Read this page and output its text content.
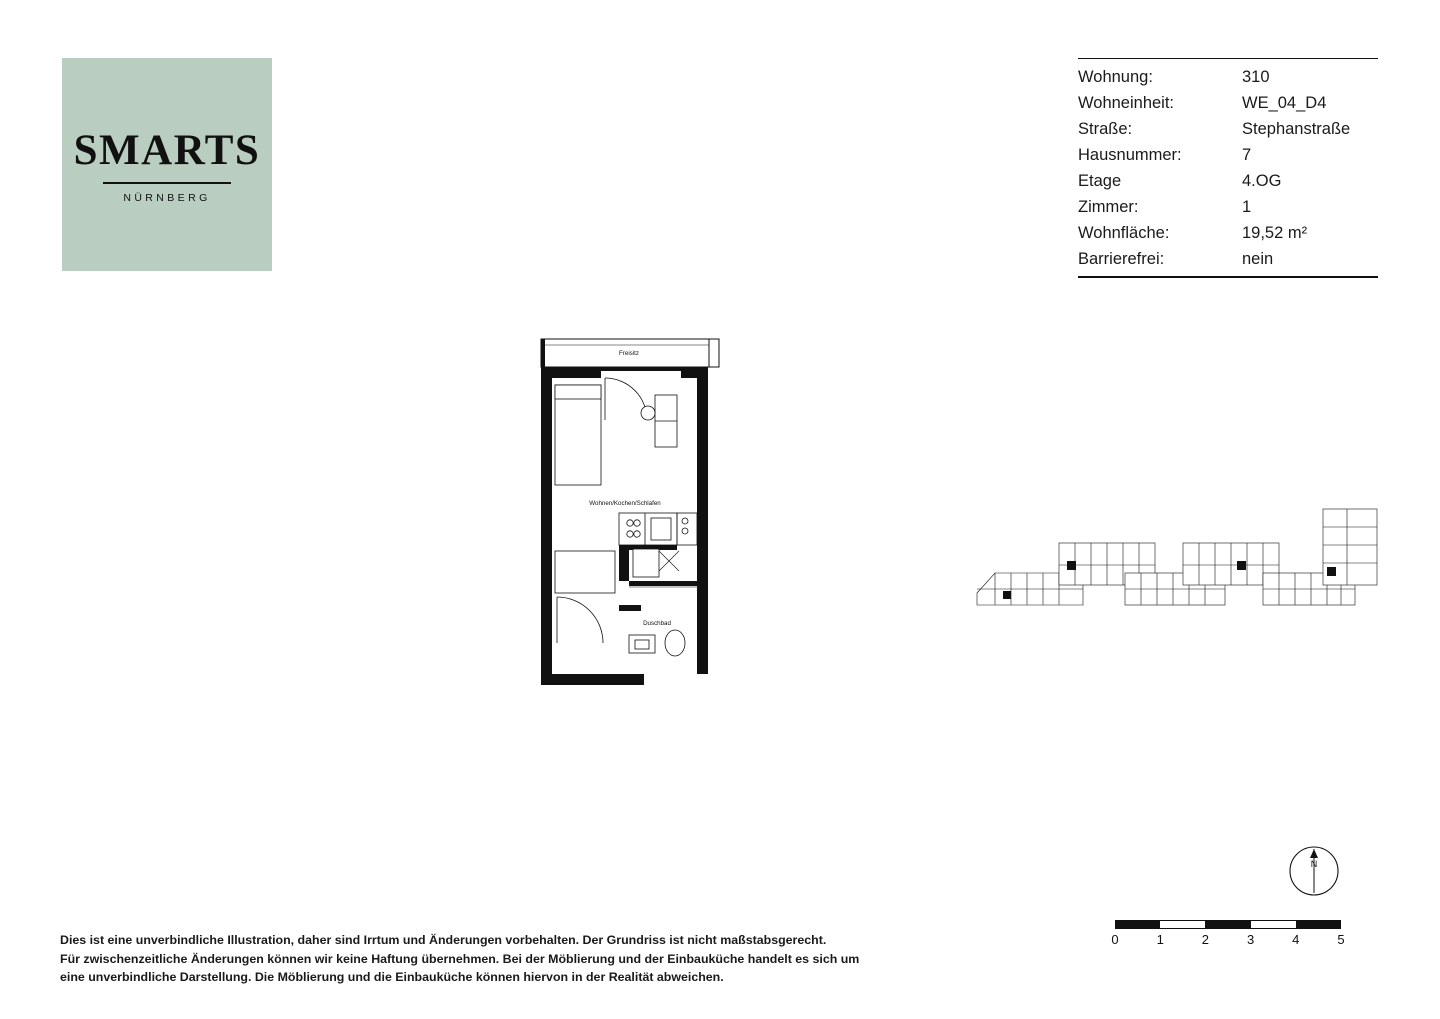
SMARTS
NÜRNBERG
Wohnung:	310
Wohneinheit:	WE_04_D4
Straße:	Stephanstraße
Hausnummer:	7
Etage	4.OG
Zimmer:	1
Wohnfläche:	19,52 m²
Barrierefrei:	nein
Wohnen/Kochen/Schlafen
Duschbad
Freisitz
N
0	1	2	3	4	5

Dies ist eine unverbindliche Illustration, daher sind Irrtum und Änderungen vorbehalten. Der Grundriss ist nicht maßstabsgerecht.

Für zwischenzeitliche Änderungen können wir keine Haftung übernehmen. Bei der Möblierung und der Einbauküche handelt es sich um

eine unverbindliche Darstellung. Die Möblierung und die Einbauküche können hiervon in der Realität abweichen.
